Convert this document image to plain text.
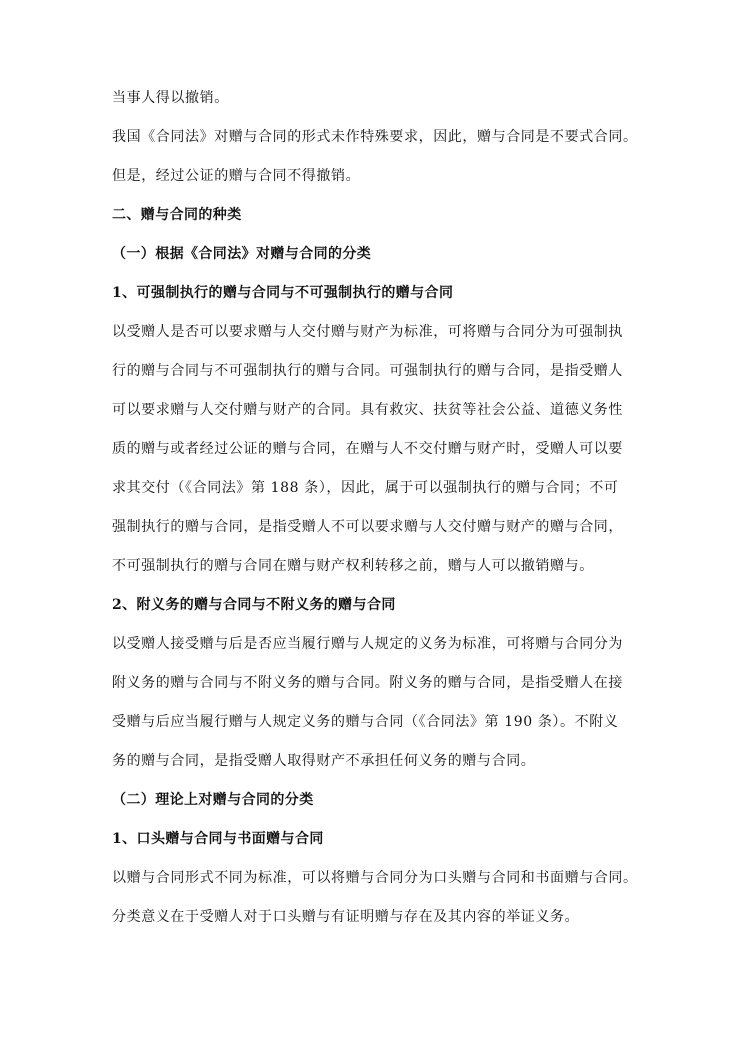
当事人得以撤销。
我国《合同法》对赠与合同的形式未作特殊要求，因此，赠与合同是不要式合同。
但是，经过公证的赠与合同不得撤销。
二、赠与合同的种类
（一）根据《合同法》对赠与合同的分类
1、可强制执行的赠与合同与不可强制执行的赠与合同
以受赠人是否可以要求赠与人交付赠与财产为标准，可将赠与合同分为可强制执
行的赠与合同与不可强制执行的赠与合同。可强制执行的赠与合同，是指受赠人
可以要求赠与人交付赠与财产的合同。具有救灾、扶贫等社会公益、道德义务性
质的赠与或者经过公证的赠与合同，在赠与人不交付赠与财产时，受赠人可以要
求其交付（《合同法》第 188 条），因此，属于可以强制执行的赠与合同；不可
强制执行的赠与合同，是指受赠人不可以要求赠与人交付赠与财产的赠与合同，
不可强制执行的赠与合同在赠与财产权利转移之前，赠与人可以撤销赠与。
2、附义务的赠与合同与不附义务的赠与合同
以受赠人接受赠与后是否应当履行赠与人规定的义务为标准，可将赠与合同分为
附义务的赠与合同与不附义务的赠与合同。附义务的赠与合同，是指受赠人在接
受赠与后应当履行赠与人规定义务的赠与合同（《合同法》第 190 条）。不附义
务的赠与合同，是指受赠人取得财产不承担任何义务的赠与合同。
（二）理论上对赠与合同的分类
1、口头赠与合同与书面赠与合同
以赠与合同形式不同为标准，可以将赠与合同分为口头赠与合同和书面赠与合同。
分类意义在于受赠人对于口头赠与有证明赠与存在及其内容的举证义务。
